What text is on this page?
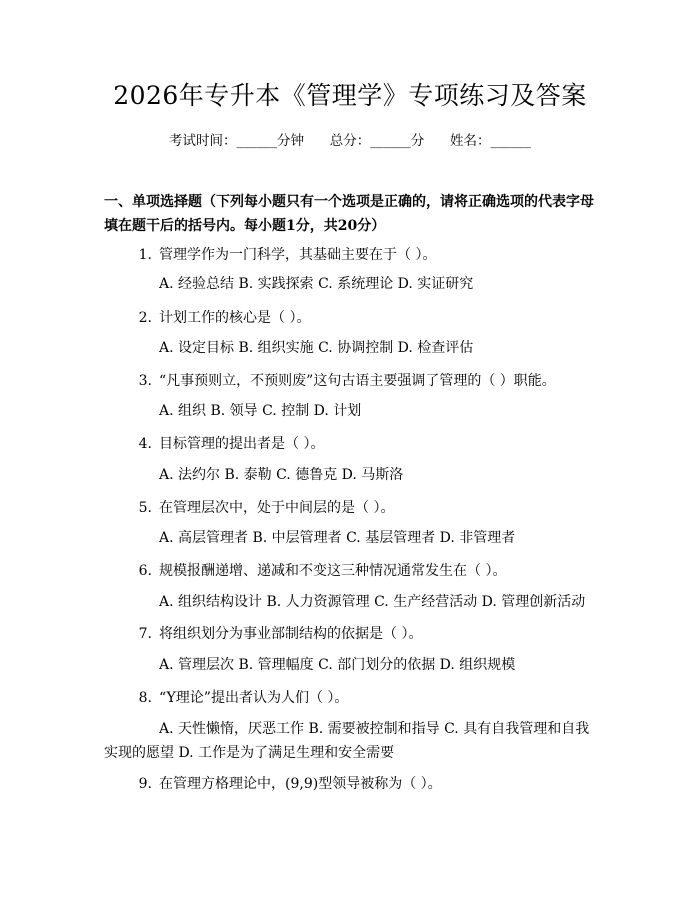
2026年专升本《管理学》专项练习及答案
考试时间：______分钟      总分：______分      姓名：______
一、单项选择题（下列每小题只有一个选项是正确的，请将正确选项的代表字母填在题干后的括号内。每小题1分，共20分）
1. 管理学作为一门科学，其基础主要在于（ ）。
A. 经验总结 B. 实践探索 C. 系统理论 D. 实证研究
2. 计划工作的核心是（ ）。
A. 设定目标 B. 组织实施 C. 协调控制 D. 检查评估
3. “凡事预则立，不预则废”这句古语主要强调了管理的（ ）职能。
A. 组织 B. 领导 C. 控制 D. 计划
4. 目标管理的提出者是（ ）。
A. 法约尔 B. 泰勒 C. 德鲁克 D. 马斯洛
5. 在管理层次中，处于中间层的是（ ）。
A. 高层管理者 B. 中层管理者 C. 基层管理者 D. 非管理者
6. 规模报酬递增、递减和不变这三种情况通常发生在（ ）。
A. 组织结构设计 B. 人力资源管理 C. 生产经营活动 D. 管理创新活动
7. 将组织划分为事业部制结构的依据是（ ）。
A. 管理层次 B. 管理幅度 C. 部门划分的依据 D. 组织规模
8. “Y理论”提出者认为人们（ ）。
A. 天性懒惰，厌恶工作 B. 需要被控制和指导 C. 具有自我管理和自我实现的愿望 D. 工作是为了满足生理和安全需要
9. 在管理方格理论中，(9,9)型领导被称为（ ）。
